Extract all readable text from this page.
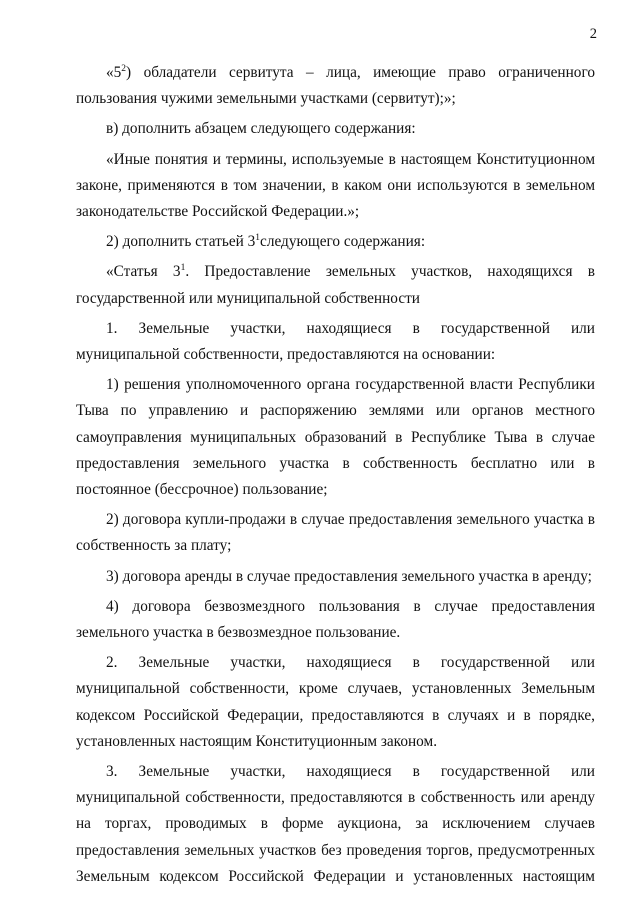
2

«$5^2$) обладатели сервитута – лица, имеющие право ограниченного пользования чужими земельными участками (сервитут);»;

в) дополнить абзацем следующего содержания:

«Иные понятия и термины, используемые в настоящем Конституционном законе, применяются в том значении, в каком они используются в земельном законодательстве Российской Федерации.»;

2) дополнить статьей $3^1следующего$ содержания:

«Статья $3^1$. Предоставление земельных участков, находящихся в государственной или муниципальной собственности

1. Земельные участки, находящиеся в государственной или муниципальной собственности, предоставляются на основании:

1) решения уполномоченного органа государственной власти Республики Тыва по управлению и распоряжению землями или органов местного самоуправления муниципальных образований в Республике Тыва в случае предоставления земельного участка в собственность бесплатно или в постоянное (бессрочное) пользование;

2) договора купли-продажи в случае предоставления земельного участка в собственность за плату;

3) договора аренды в случае предоставления земельного участка в аренду;

4) договора безвозмездного пользования в случае предоставления земельного участка в безвозмездное пользование.

2. Земельные участки, находящиеся в государственной или муниципальной собственности, кроме случаев, установленных Земельным кодексом Российской Федерации, предоставляются в случаях и в порядке, установленных настоящим Конституционным законом.

3. Земельные участки, находящиеся в государственной или муниципальной собственности, предоставляются в собственность или аренду на торгах, проводимых в форме аукциона, за исключением случаев предоставления земельных участков без проведения торгов, предусмотренных Земельным кодексом Российской Федерации и установленных настоящим
